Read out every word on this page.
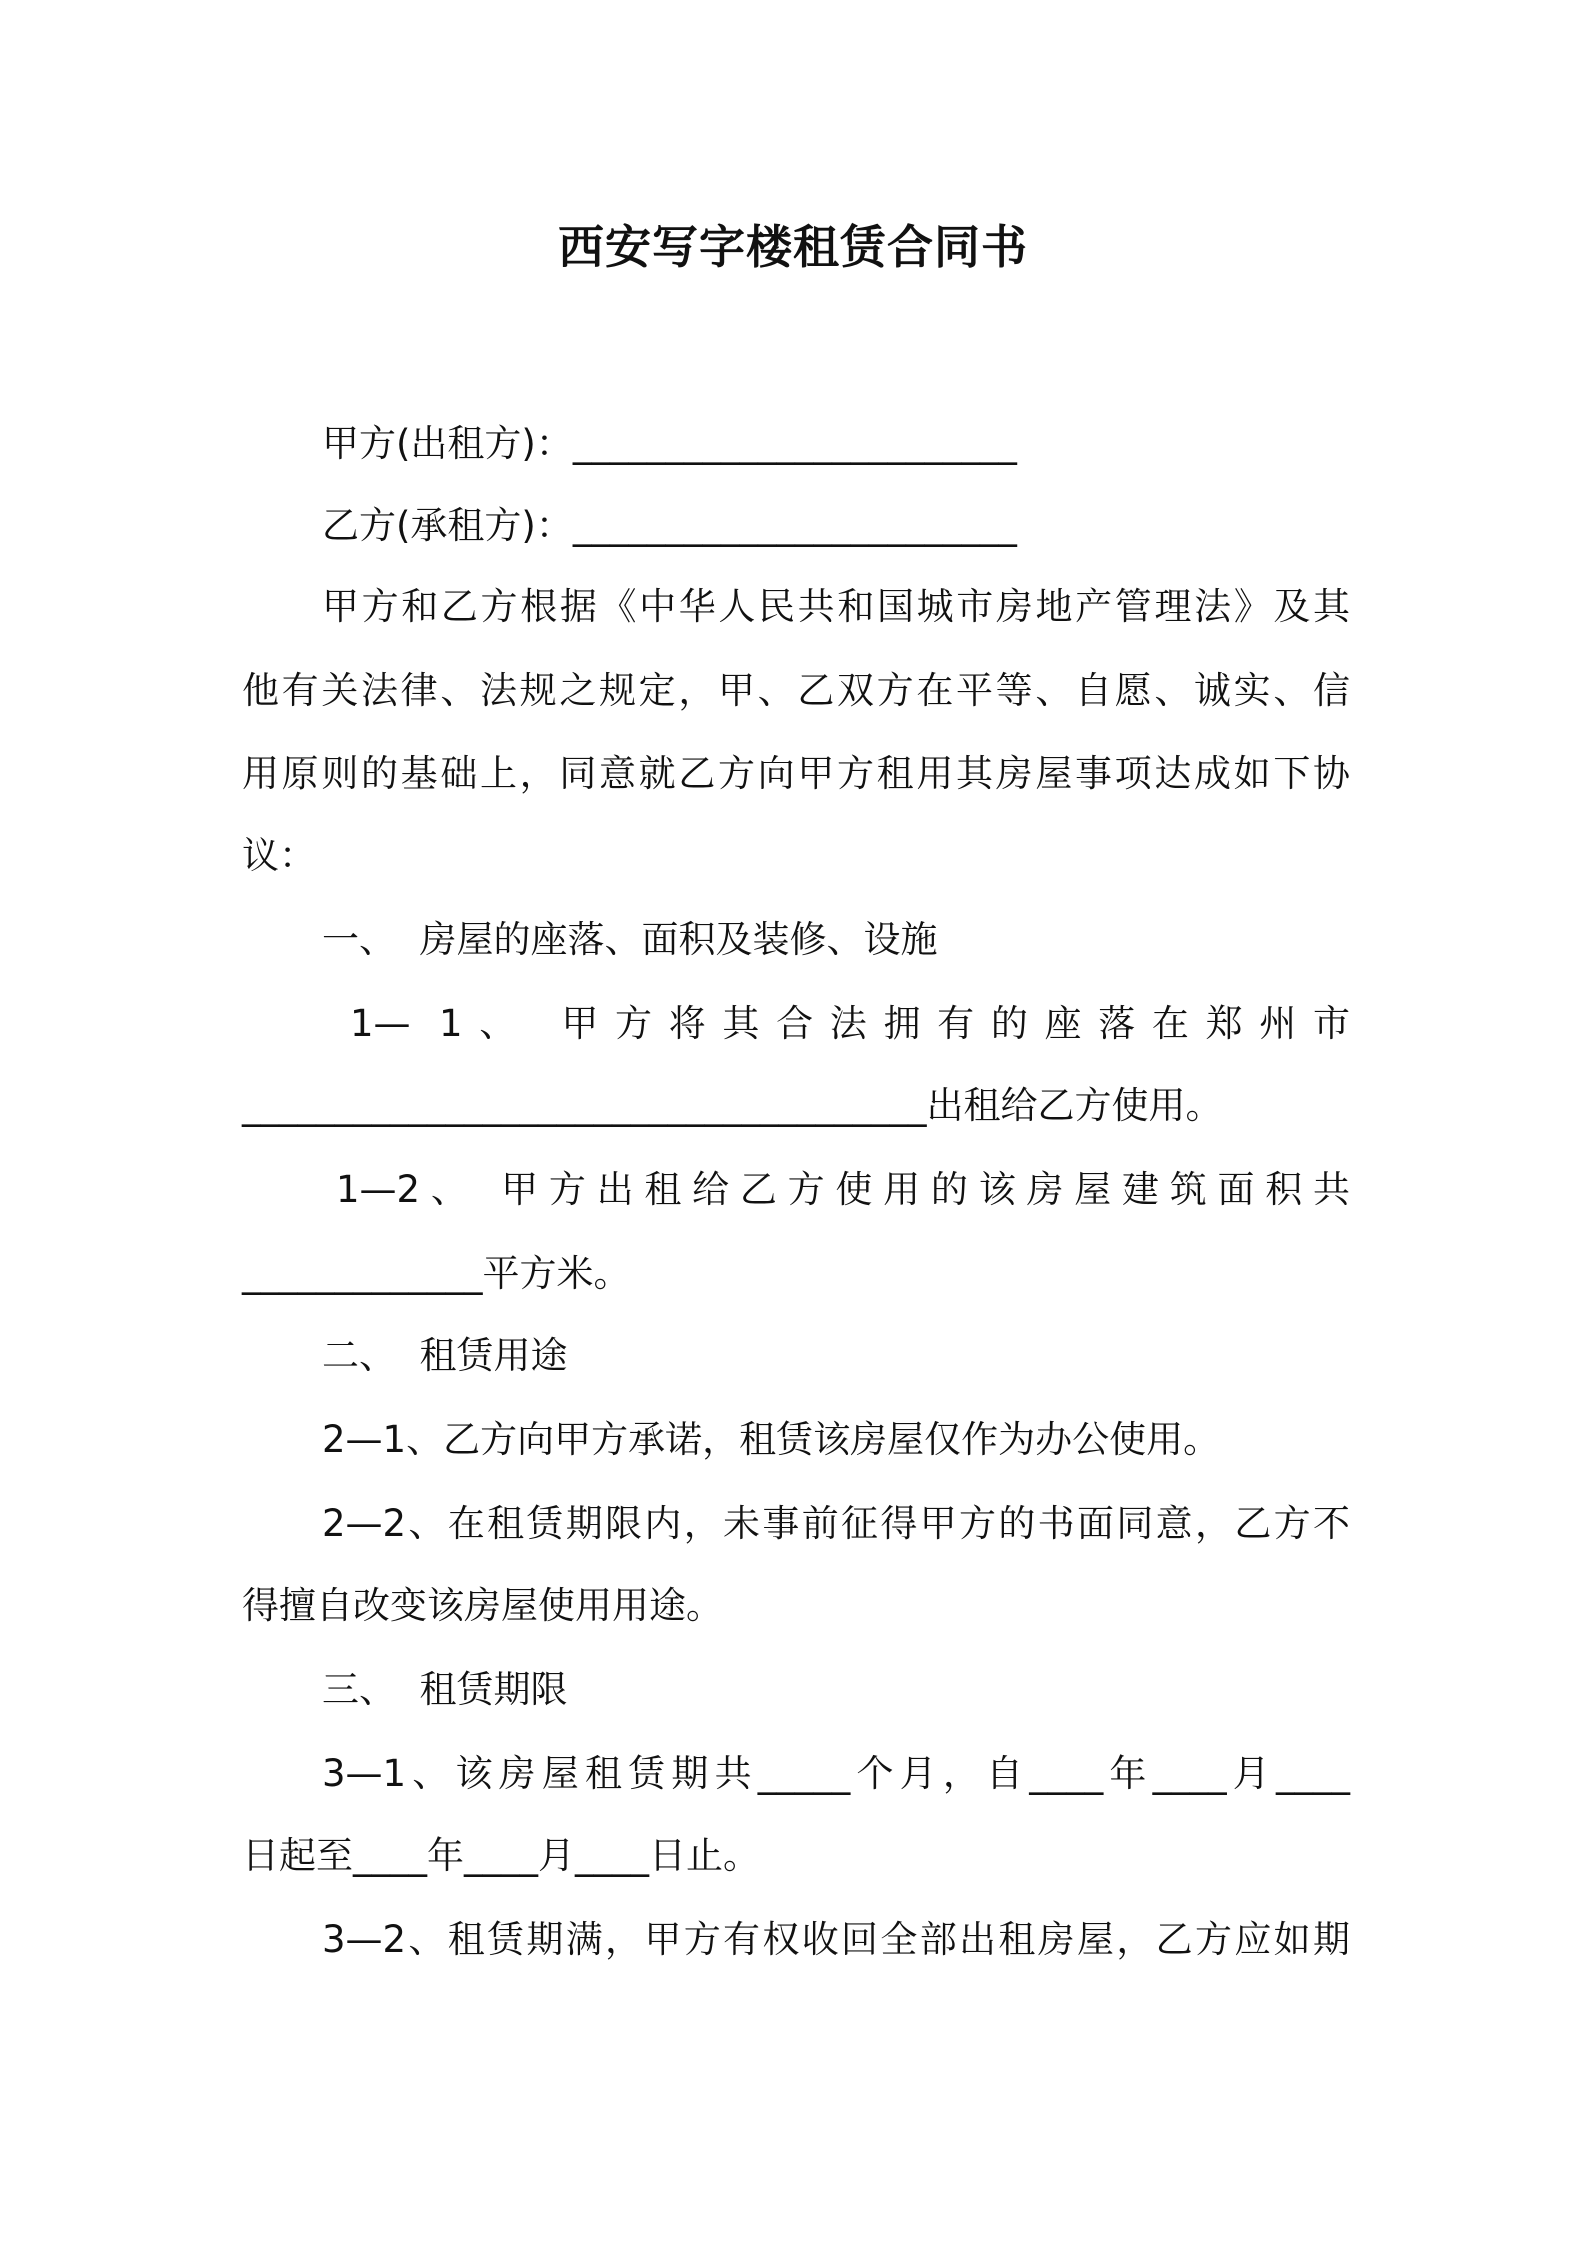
西安写字楼租赁合同书
甲方(出租方)：________________________
乙方(承租方)：________________________
甲方和乙方根据《中华人民共和国城市房地产管理法》及其
他有关法律、法规之规定，甲、乙双方在平等、自愿、诚实、信
用原则的基础上，同意就乙方向甲方租用其房屋事项达成如下协
议：
一、  房屋的座落、面积及装修、设施
1— 1、 甲方将其合法拥有的座落在郑州市
_____________________________________出租给乙方使用。
1—2、 甲方出租给乙方使用的该房屋建筑面积共
_____________平方米。
二、  租赁用途
2—1、乙方向甲方承诺，租赁该房屋仅作为办公使用。
2—2、在租赁期限内，未事前征得甲方的书面同意，乙方不
得擅自改变该房屋使用用途。
三、  租赁期限
3—1、该房屋租赁期共_____个月，自____年____月____
日起至____年____月____日止。
3—2、租赁期满，甲方有权收回全部出租房屋，乙方应如期
